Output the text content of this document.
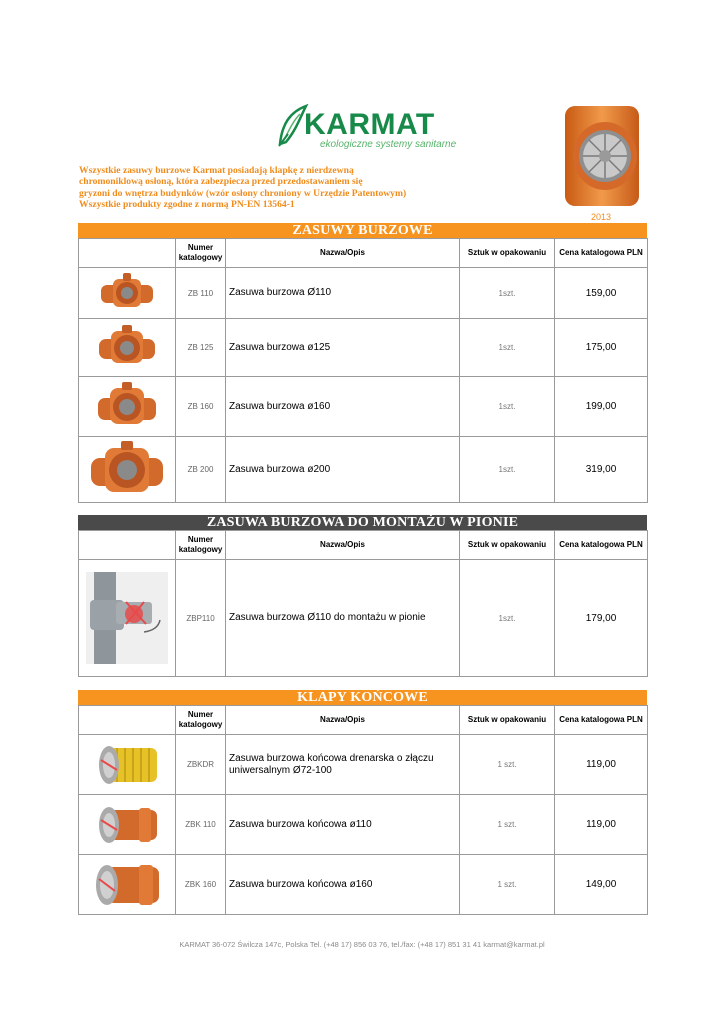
KARMAT
ekologiczne systemy sanitarne
Wszystkie zasuwy burzowe Karmat posiadają klapkę z nierdzewną
chromoniklową osłoną, która zabezpiecza przed przedostawaniem się
gryzoni do wnętrza budynków (wzór osłony chroniony w Urzędzie Patentowym)
Wszystkie produkty zgodne z normą PN-EN 13564-1
2013
ZASUWY BURZOWE
	Numer katalogowy	Nazwa/Opis	Sztuk w opakowaniu	Cena katalogowa PLN

	ZB 110	Zasuwa burzowa Ø110	1szt.	159,00

	ZB 125	Zasuwa burzowa ø125	1szt.	175,00

	ZB 160	Zasuwa burzowa ø160	1szt.	199,00

	ZB 200	Zasuwa burzowa ø200	1szt.	319,00
ZASUWA BURZOWA DO MONTAŻU W PIONIE
	Numer katalogowy	Nazwa/Opis	Sztuk w opakowaniu	Cena katalogowa PLN

	ZBP110	Zasuwa burzowa Ø110 do montażu w pionie	1szt.	179,00
KLAPY KOŃCOWE
	Numer katalogowy	Nazwa/Opis	Sztuk w opakowaniu	Cena katalogowa PLN

	ZBKDR	Zasuwa burzowa końcowa drenarska o złączu uniwersalnym Ø72-100	1 szt.	119,00

	ZBK 110	Zasuwa burzowa końcowa ø110	1 szt.	119,00

	ZBK 160	Zasuwa burzowa końcowa ø160	1 szt.	149,00
KARMAT 36-072 Świlcza 147c, Polska Tel. (+48 17) 856 03 76, tel./fax: (+48 17) 851 31 41 karmat@karmat.pl
